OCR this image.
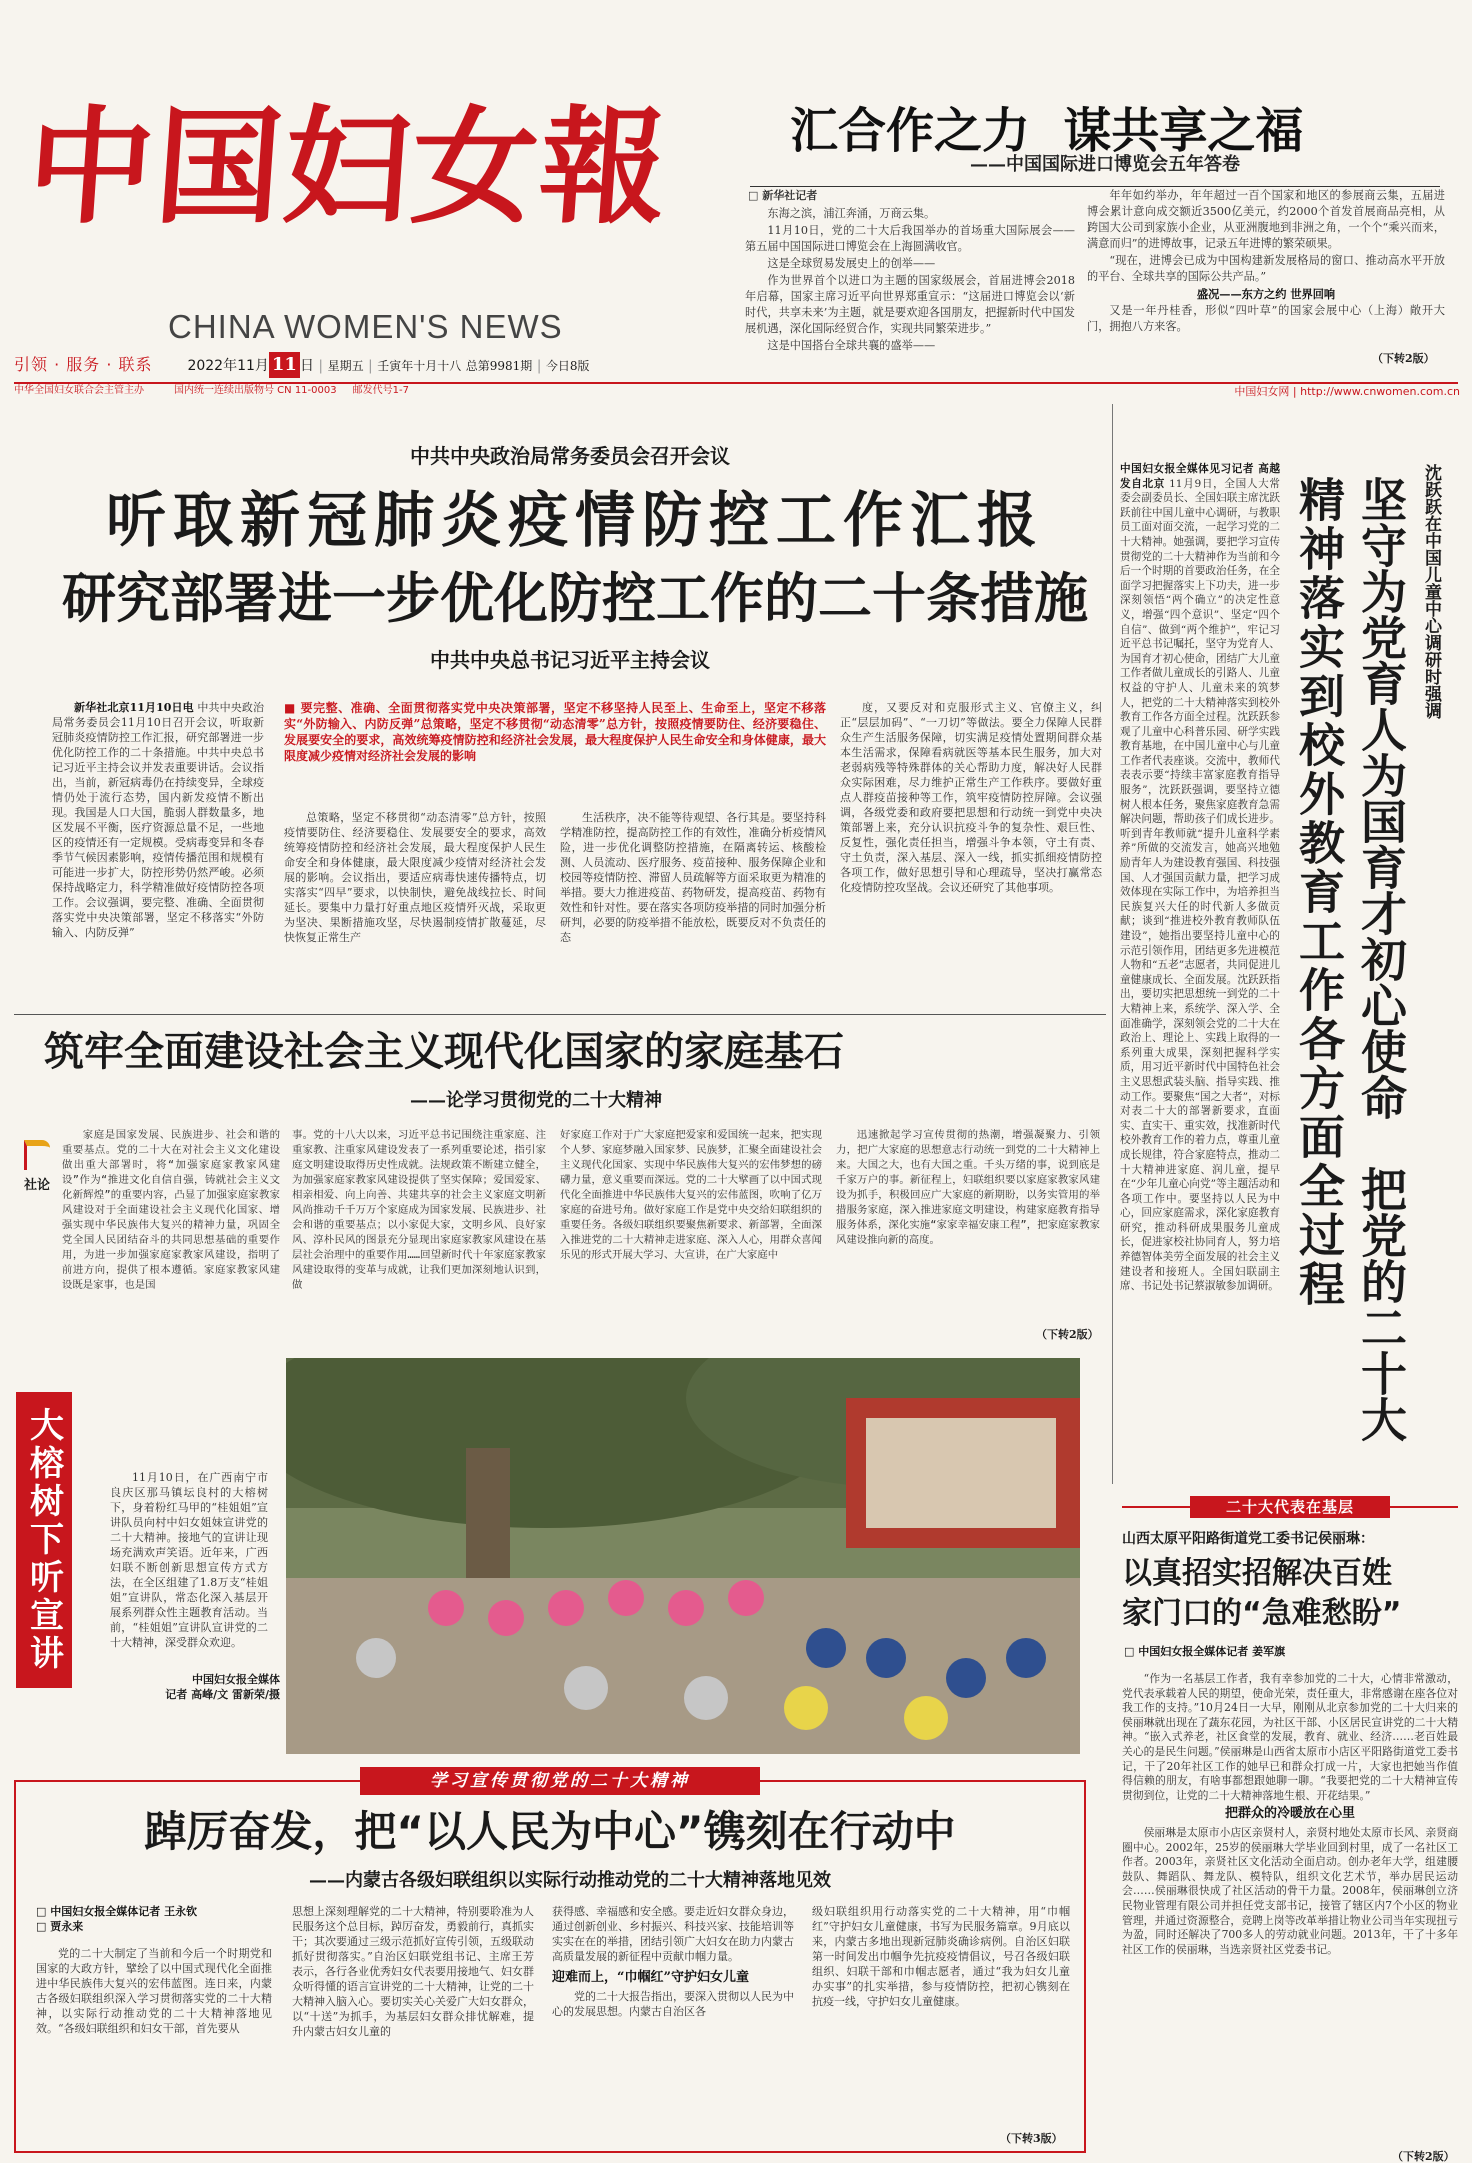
中国妇女報
CHINA WOMEN'S NEWS
汇合作之力  谋共享之福
——中国国际进口博览会五年答卷
□ 新华社记者

东海之滨，浦江奔涌，万商云集。

11月10日，党的二十大后我国举办的首场重大国际展会——第五届中国国际进口博览会在上海圆满收官。

这是全球贸易发展史上的创举——

作为世界首个以进口为主题的国家级展会，首届进博会2018年启幕，国家主席习近平向世界郑重宣示：“这届进口博览会以‘新时代，共享未来’为主题，就是要欢迎各国朋友，把握新时代中国发展机遇，深化国际经贸合作，实现共同繁荣进步。”

这是中国搭台全球共襄的盛举——

年年如约举办，年年超过一百个国家和地区的参展商云集，五届进博会累计意向成交额近3500亿美元，约2000个首发首展商品亮相，从跨国大公司到家族小企业，从亚洲腹地到非洲之角，一个个“乘兴而来，满意而归”的进博故事，记录五年进博的繁荣硕果。

“现在，进博会已成为中国构建新发展格局的窗口、推动高水平开放的平台、全球共享的国际公共产品。”

盛况——东方之约 世界回响

又是一年丹桂香，形似“四叶草”的国家会展中心（上海）敞开大门，拥抱八方来客。

（下转2版）
引领 · 服务 · 联系 2022年11月 11 日 | 星期五 | 壬寅年十月十八 总第9981期 | 今日8版
中华全国妇女联合会主管主办	国内统一连续出版物号 CN 11-0003 邮发代号1-7	中国妇女网 | http://www.cnwomen.com.cn
中共中央政治局常务委员会召开会议
听取新冠肺炎疫情防控工作汇报
研究部署进一步优化防控工作的二十条措施
中共中央总书记习近平主持会议

新华社北京11月10日电 中共中央政治局常务委员会11月10日召开会议，听取新冠肺炎疫情防控工作汇报，研究部署进一步优化防控工作的二十条措施。中共中央总书记习近平主持会议并发表重要讲话。会议指出，当前，新冠病毒仍在持续变异，全球疫情仍处于流行态势，国内新发疫情不断出现。我国是人口大国，脆弱人群数量多，地区发展不平衡，医疗资源总量不足，一些地区的疫情还有一定规模。受病毒变异和冬春季节气候因素影响，疫情传播范围和规模有可能进一步扩大，防控形势仍然严峻。必须保持战略定力，科学精准做好疫情防控各项工作。会议强调，要完整、准确、全面贯彻落实党中央决策部署，坚定不移落实“外防输入、内防反弹”

■ 要完整、准确、全面贯彻落实党中央决策部署，坚定不移坚持人民至上、生命至上，坚定不移落实“外防输入、内防反弹”总策略，坚定不移贯彻“动态清零”总方针，按照疫情要防住、经济要稳住、发展要安全的要求，高效统筹疫情防控和经济社会发展，最大程度保护人民生命安全和身体健康，最大限度减少疫情对经济社会发展的影响

总策略，坚定不移贯彻“动态清零”总方针，按照疫情要防住、经济要稳住、发展要安全的要求，高效统筹疫情防控和经济社会发展，最大程度保护人民生命安全和身体健康，最大限度减少疫情对经济社会发展的影响。会议指出，要适应病毒快速传播特点，切实落实“四早”要求，以快制快，避免战线拉长、时间延长。要集中力量打好重点地区疫情歼灭战，采取更为坚决、果断措施攻坚，尽快遏制疫情扩散蔓延，尽快恢复正常生产

生活秩序，决不能等待观望、各行其是。要坚持科学精准防控，提高防控工作的有效性，准确分析疫情风险，进一步优化调整防控措施，在隔离转运、核酸检测、人员流动、医疗服务、疫苗接种、服务保障企业和校园等疫情防控、滞留人员疏解等方面采取更为精准的举措。要大力推进疫苗、药物研发，提高疫苗、药物有效性和针对性。要在落实各项防疫举措的同时加强分析研判，必要的防疫举措不能放松，既要反对不负责任的态

度，又要反对和克服形式主义、官僚主义，纠正“层层加码”、“一刀切”等做法。要全力保障人民群众生产生活服务保障，切实满足疫情处置期间群众基本生活需求，保障看病就医等基本民生服务，加大对老弱病残等特殊群体的关心帮助力度，解决好人民群众实际困难，尽力维护正常生产工作秩序。要做好重点人群疫苗接种等工作，筑牢疫情防控屏障。会议强调，各级党委和政府要把思想和行动统一到党中央决策部署上来，充分认识抗疫斗争的复杂性、艰巨性、反复性，强化责任担当，增强斗争本领，守土有责、守土负责，深入基层、深入一线，抓实抓细疫情防控各项工作，做好思想引导和心理疏导，坚决打赢常态化疫情防控攻坚战。会议还研究了其他事项。

筑牢全面建设社会主义现代化国家的家庭基石
——论学习贯彻党的二十大精神
社论

家庭是国家发展、民族进步、社会和谐的重要基点。党的二十大在对社会主义文化建设做出重大部署时，将“加强家庭家教家风建设”作为“推进文化自信自强，铸就社会主义文化新辉煌”的重要内容，凸显了加强家庭家教家风建设对于全面建设社会主义现代化国家、增强实现中华民族伟大复兴的精神力量，巩固全党全国人民团结奋斗的共同思想基础的重要作用，为进一步加强家庭家教家风建设，指明了前进方向，提供了根本遵循。家庭家教家风建设既是家事，也是国

事。党的十八大以来，习近平总书记围绕注重家庭、注重家教、注重家风建设发表了一系列重要论述，指引家庭文明建设取得历史性成就。法规政策不断建立健全，为加强家庭家教家风建设提供了坚实保障；爱国爱家、相亲相爱、向上向善、共建共享的社会主义家庭文明新风尚推动千千万万个家庭成为国家发展、民族进步、社会和谐的重要基点；以小家促大家，文明乡风、良好家风、淳朴民风的图景充分显现出家庭家教家风建设在基层社会治理中的重要作用……回望新时代十年家庭家教家风建设取得的变革与成就，让我们更加深刻地认识到，做

好家庭工作对于广大家庭把爱家和爱国统一起来，把实现个人梦、家庭梦融入国家梦、民族梦，汇聚全面建设社会主义现代化国家、实现中华民族伟大复兴的宏伟梦想的磅礴力量，意义重要而深远。党的二十大擘画了以中国式现代化全面推进中华民族伟大复兴的宏伟蓝图，吹响了亿万家庭的奋进号角。做好家庭工作是党中央交给妇联组织的重要任务。各级妇联组织要聚焦新要求、新部署，全面深入推进党的二十大精神走进家庭、深入人心，用群众喜闻乐见的形式开展大学习、大宣讲，在广大家庭中

迅速掀起学习宣传贯彻的热潮，增强凝聚力、引领力，把广大家庭的思想意志行动统一到党的二十大精神上来。大国之大，也有大国之重。千头万绪的事，说到底是千家万户的事。新征程上，妇联组织要以家庭家教家风建设为抓手，积极回应广大家庭的新期盼，以务实管用的举措服务家庭，深入推进家庭文明建设，构建家庭教育指导服务体系，深化实施“家家幸福安康工程”，把家庭家教家风建设推向新的高度。

（下转2版）
大榕树下听宣讲	11月10日，在广西南宁市良庆区那马镇坛良村的大榕树下，身着粉红马甲的“桂姐姐”宣讲队员向村中妇女姐妹宣讲党的二十大精神。接地气的宣讲让现场充满欢声笑语。近年来，广西妇联不断创新思想宣传方式方法，在全区组建了1.8万支“桂姐姐”宣讲队，常态化深入基层开展系列群众性主题教育活动。当前，“桂姐姐”宣讲队宣讲党的二十大精神，深受群众欢迎。

中国妇女报全媒体
记者 高峰/文 雷新荣/摄
学习宣传贯彻党的二十大精神
踔厉奋发，把“以人民为中心”镌刻在行动中
——内蒙古各级妇联组织以实际行动推动党的二十大精神落地见效
□ 中国妇女报全媒体记者 王永钦
□ 贾永来

党的二十大制定了当前和今后一个时期党和国家的大政方针，擘绘了以中国式现代化全面推进中华民族伟大复兴的宏伟蓝图。连日来，内蒙古各级妇联组织深入学习贯彻落实党的二十大精神，以实际行动推动党的二十大精神落地见效。“各级妇联组织和妇女干部，首先要从

思想上深刻理解党的二十大精神，特别要聆准为人民服务这个总目标，踔厉奋发，勇毅前行，真抓实干；其次要通过三级示范抓好宣传引领，五级联动抓好贯彻落实。”自治区妇联党组书记、主席王芳表示，各行各业优秀妇女代表要用接地气、妇女群众听得懂的语言宣讲党的二十大精神，让党的二十大精神入脑入心。要切实关心关爱广大妇女群众，以“十送”为抓手，为基层妇女群众排忧解难，提升内蒙古妇女儿童的

获得感、幸福感和安全感。要走近妇女群众身边，通过创新创业、乡村振兴、科技兴家、技能培训等实实在在的举措，团结引领广大妇女在助力内蒙古高质量发展的新征程中贡献巾帼力量。

迎难而上，“巾帼红”守护妇女儿童

党的二十大报告指出，要深入贯彻以人民为中心的发展思想。内蒙古自治区各

级妇联组织用行动落实党的二十大精神，用“巾帼红”守护妇女儿童健康，书写为民服务篇章。9月底以来，内蒙古多地出现新冠肺炎确诊病例。自治区妇联第一时间发出巾帼争先抗疫疫情倡议，号召各级妇联组织、妇联干部和巾帼志愿者，通过“我为妇女儿童办实事”的扎实举措，参与疫情防控，把初心镌刻在抗疫一线，守护妇女儿童健康。

（下转3版）
沈跃跃在中国儿童中心调研时强调
坚守为党育人为国育才初心使命　把党的二十大
精神落实到校外教育工作各方面全过程

中国妇女报全媒体见习记者 高越 发自北京 11月9日，全国人大常委会副委员长、全国妇联主席沈跃跃前往中国儿童中心调研，与教职员工面对面交流，一起学习党的二十大精神。她强调，要把学习宣传贯彻党的二十大精神作为当前和今后一个时期的首要政治任务，在全面学习把握落实上下功夫，进一步深刻领悟“两个确立”的决定性意义，增强“四个意识”、坚定“四个自信”、做到“两个维护”，牢记习近平总书记嘱托，坚守为党育人、为国育才初心使命，团结广大儿童工作者做儿童成长的引路人、儿童权益的守护人、儿童未来的筑梦人，把党的二十大精神落实到校外教育工作各方面全过程。沈跃跃参观了儿童中心科普乐园、研学实践教育基地，在中国儿童中心与儿童工作者代表座谈。交流中，教师代表表示要“持续丰富家庭教育指导服务”，沈跃跃强调，要坚持立德树人根本任务，聚焦家庭教育急需解决问题，帮助孩子们成长进步。听到青年教师就“提升儿童科学素养”所做的交流发言，她高兴地勉励青年人为建设教育强国、科技强国、人才强国贡献力量，把学习成效体现在实际工作中，为培养担当民族复兴大任的时代新人多做贡献；谈到“推进校外教育教师队伍建设”，她指出要坚持儿童中心的示范引领作用，团结更多先进模范人物和“五老”志愿者，共同促进儿童健康成长、全面发展。沈跃跃指出，要切实把思想统一到党的二十大精神上来，系统学、深入学、全面准确学，深刻领会党的二十大在政治上、理论上、实践上取得的一系列重大成果，深刻把握科学实质，用习近平新时代中国特色社会主义思想武装头脑、指导实践、推动工作。要聚焦“国之大者”，对标对表二十大的部署新要求，直面实、直实干、重实效，找准新时代校外教育工作的着力点，尊重儿童成长规律，符合家庭特点，推动二十大精神进家庭、润儿童，提早在“少年儿童心向党”等主题活动和各项工作中。要坚持以人民为中心，回应家庭需求，深化家庭教育研究，推动科研成果服务儿童成长，促进家校社协同育人，努力培养德智体美劳全面发展的社会主义建设者和接班人。全国妇联副主席、书记处书记蔡淑敏参加调研。

二十大代表在基层
山西太原平阳路街道党工委书记侯丽琳：
以真招实招解决百姓
家门口的“急难愁盼”
□ 中国妇女报全媒体记者 姜军旗

“作为一名基层工作者，我有幸参加党的二十大，心情非常激动，党代表承载着人民的期望，使命光荣，责任重大，非常感谢在座各位对我工作的支持。”10月24日一大早，刚刚从北京参加党的二十大归来的侯丽琳就出现在了蔬东花园，为社区干部、小区居民宣讲党的二十大精神。“嵌入式养老，社区食堂的发展，教育、就业、经济……老百姓最关心的是民生问题。”侯丽琳是山西省太原市小店区平阳路街道党工委书记，干了20年社区工作的她早已和群众打成一片，大家也把她当作值得信赖的朋友，有啥事都想跟她聊一聊。“我要把党的二十大精神宣传贯彻到位，让党的二十大精神落地生根、开花结果。”

把群众的冷暖放在心里

侯丽琳是太原市小店区亲贤村人，亲贤村地处太原市长风、亲贤商圈中心。2002年，25岁的侯丽琳大学毕业回到村里，成了一名社区工作者。2003年，亲贤社区文化活动全面启动。创办老年大学，组建腰鼓队、舞蹈队、舞龙队、模特队，组织文化艺术节，举办居民运动会……侯丽琳很快成了社区活动的骨干力量。2008年，侯丽琳创立济民物业管理有限公司并担任党支部书记，接管了辖区内7个小区的物业管理，并通过资源整合，竞聘上岗等改革举措让物业公司当年实现扭亏为盈，同时还解决了700多人的劳动就业问题。2013年，干了十多年社区工作的侯丽琳，当选亲贤社区党委书记。

（下转2版）
